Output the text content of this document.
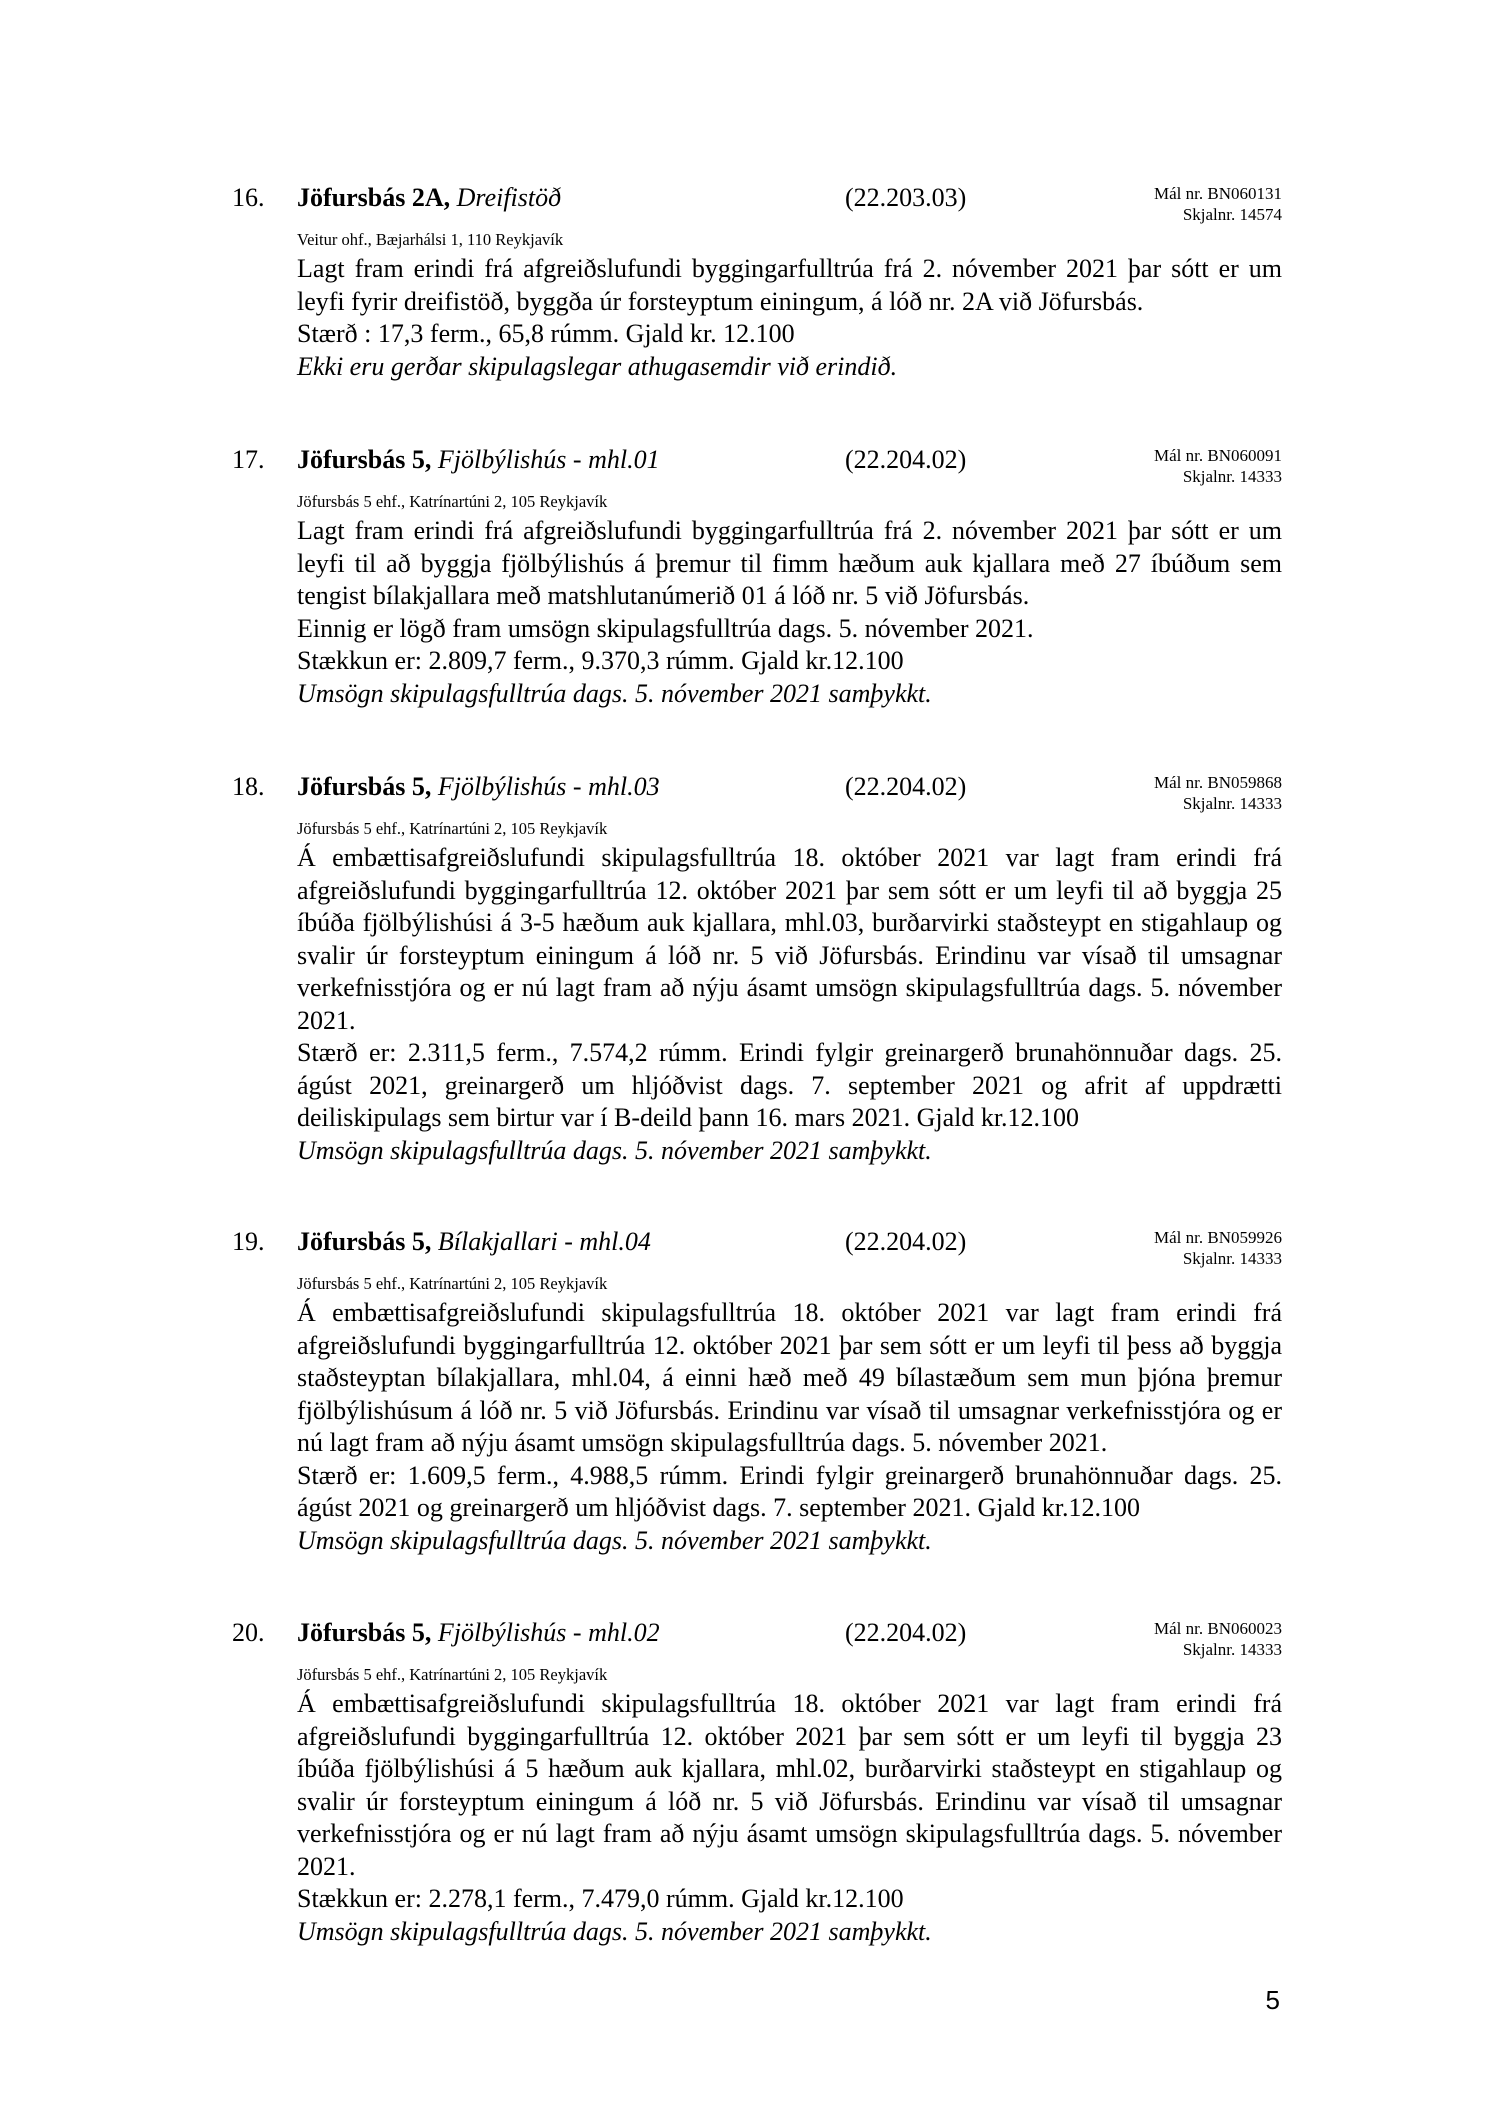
16.	Jöfursbás 2A, Dreifistöð	(22.203.03)	Mál nr. BN060131
Skjalnr. 14574
Veitur ohf., Bæjarhálsi 1, 110 Reykjavík

Lagt fram erindi frá afgreiðslufundi byggingarfulltrúa frá 2. nóvember 2021 þar sótt er um leyfi fyrir dreifistöð, byggða úr forsteyptum einingum, á lóð nr. 2A við Jöfursbás.

Stærð : 17,3 ferm., 65,8 rúmm. Gjald kr. 12.100

Ekki eru gerðar skipulagslegar athugasemdir við erindið.

17.	Jöfursbás 5, Fjölbýlishús - mhl.01	(22.204.02)	Mál nr. BN060091
Skjalnr. 14333
Jöfursbás 5 ehf., Katrínartúni 2, 105 Reykjavík

Lagt fram erindi frá afgreiðslufundi byggingarfulltrúa frá 2. nóvember 2021 þar sótt er um leyfi til að byggja fjölbýlishús á þremur til fimm hæðum auk kjallara með 27 íbúðum sem tengist bílakjallara með matshlutanúmerið 01 á lóð nr. 5 við Jöfursbás.

Einnig er lögð fram umsögn skipulagsfulltrúa dags. 5. nóvember 2021.

Stækkun er: 2.809,7 ferm., 9.370,3 rúmm. Gjald kr.12.100

Umsögn skipulagsfulltrúa dags. 5. nóvember 2021 samþykkt.

18.	Jöfursbás 5, Fjölbýlishús - mhl.03	(22.204.02)	Mál nr. BN059868
Skjalnr. 14333
Jöfursbás 5 ehf., Katrínartúni 2, 105 Reykjavík

Á embættisafgreiðslufundi skipulagsfulltrúa 18. október 2021 var lagt fram erindi frá afgreiðslufundi byggingarfulltrúa 12. október 2021 þar sem sótt er um leyfi til að byggja 25 íbúða fjölbýlishúsi á 3-5 hæðum auk kjallara, mhl.03, burðarvirki staðsteypt en stigahlaup og svalir úr forsteyptum einingum á lóð nr. 5 við Jöfursbás. Erindinu var vísað til umsagnar verkefnisstjóra og er nú lagt fram að nýju ásamt umsögn skipulagsfulltrúa dags. 5. nóvember 2021.

Stærð er: 2.311,5 ferm., 7.574,2 rúmm. Erindi fylgir greinargerð brunahönnuðar dags. 25. ágúst 2021, greinargerð um hljóðvist dags. 7. september 2021 og afrit af uppdrætti deiliskipulags sem birtur var í B-deild þann 16. mars 2021. Gjald kr.12.100

Umsögn skipulagsfulltrúa dags. 5. nóvember 2021 samþykkt.

19.	Jöfursbás 5, Bílakjallari - mhl.04	(22.204.02)	Mál nr. BN059926
Skjalnr. 14333
Jöfursbás 5 ehf., Katrínartúni 2, 105 Reykjavík

Á embættisafgreiðslufundi skipulagsfulltrúa 18. október 2021 var lagt fram erindi frá afgreiðslufundi byggingarfulltrúa 12. október 2021 þar sem sótt er um leyfi til þess að byggja staðsteyptan bílakjallara, mhl.04, á einni hæð með 49 bílastæðum sem mun þjóna þremur fjölbýlishúsum á lóð nr. 5 við Jöfursbás. Erindinu var vísað til umsagnar verkefnisstjóra og er nú lagt fram að nýju ásamt umsögn skipulagsfulltrúa dags. 5. nóvember 2021.

Stærð er: 1.609,5 ferm., 4.988,5 rúmm. Erindi fylgir greinargerð brunahönnuðar dags. 25. ágúst 2021 og greinargerð um hljóðvist dags. 7. september 2021. Gjald kr.12.100

Umsögn skipulagsfulltrúa dags. 5. nóvember 2021 samþykkt.

20.	Jöfursbás 5, Fjölbýlishús - mhl.02	(22.204.02)	Mál nr. BN060023
Skjalnr. 14333
Jöfursbás 5 ehf., Katrínartúni 2, 105 Reykjavík

Á embættisafgreiðslufundi skipulagsfulltrúa 18. október 2021 var lagt fram erindi frá afgreiðslufundi byggingarfulltrúa 12. október 2021 þar sem sótt er um leyfi til byggja 23 íbúða fjölbýlishúsi á 5 hæðum auk kjallara, mhl.02, burðarvirki staðsteypt en stigahlaup og svalir úr forsteyptum einingum á lóð nr. 5 við Jöfursbás. Erindinu var vísað til umsagnar verkefnisstjóra og er nú lagt fram að nýju ásamt umsögn skipulagsfulltrúa dags. 5. nóvember 2021.

Stækkun er: 2.278,1 ferm., 7.479,0 rúmm. Gjald kr.12.100

Umsögn skipulagsfulltrúa dags. 5. nóvember 2021 samþykkt.

5
